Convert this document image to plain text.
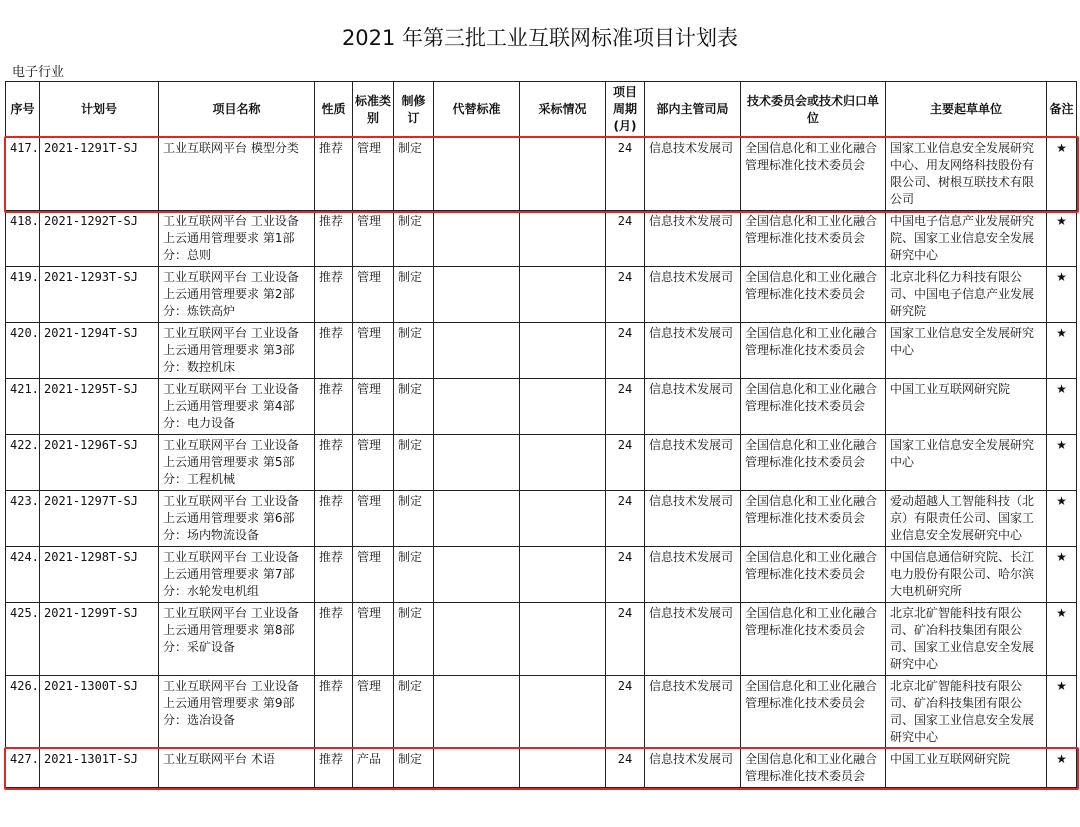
2021 年第三批工业互联网标准项目计划表
电子行业
序号	计划号	项目名称	性质	标准类别	制修订	代替标准	采标情况	项目周期(月)	部内主管司局	技术委员会或技术归口单位	主要起草单位	备注
417.	2021-1291T-SJ	工业互联网平台 模型分类	推荐	管理	制定			24	信息技术发展司	全国信息化和工业化融合管理标准化技术委员会	国家工业信息安全发展研究中心、用友网络科技股份有限公司、树根互联技术有限公司	★
418.	2021-1292T-SJ	工业互联网平台 工业设备上云通用管理要求 第1部分：总则	推荐	管理	制定			24	信息技术发展司	全国信息化和工业化融合管理标准化技术委员会	中国电子信息产业发展研究院、国家工业信息安全发展研究中心	★
419.	2021-1293T-SJ	工业互联网平台 工业设备上云通用管理要求 第2部分：炼铁高炉	推荐	管理	制定			24	信息技术发展司	全国信息化和工业化融合管理标准化技术委员会	北京北科亿力科技有限公司、中国电子信息产业发展研究院	★
420.	2021-1294T-SJ	工业互联网平台 工业设备上云通用管理要求 第3部分：数控机床	推荐	管理	制定			24	信息技术发展司	全国信息化和工业化融合管理标准化技术委员会	国家工业信息安全发展研究中心	★
421.	2021-1295T-SJ	工业互联网平台 工业设备上云通用管理要求 第4部分：电力设备	推荐	管理	制定			24	信息技术发展司	全国信息化和工业化融合管理标准化技术委员会	中国工业互联网研究院	★
422.	2021-1296T-SJ	工业互联网平台 工业设备上云通用管理要求 第5部分：工程机械	推荐	管理	制定			24	信息技术发展司	全国信息化和工业化融合管理标准化技术委员会	国家工业信息安全发展研究中心	★
423.	2021-1297T-SJ	工业互联网平台 工业设备上云通用管理要求 第6部分：场内物流设备	推荐	管理	制定			24	信息技术发展司	全国信息化和工业化融合管理标准化技术委员会	爱动超越人工智能科技（北京）有限责任公司、国家工业信息安全发展研究中心	★
424.	2021-1298T-SJ	工业互联网平台 工业设备上云通用管理要求 第7部分：水轮发电机组	推荐	管理	制定			24	信息技术发展司	全国信息化和工业化融合管理标准化技术委员会	中国信息通信研究院、长江电力股份有限公司、哈尔滨大电机研究所	★
425.	2021-1299T-SJ	工业互联网平台 工业设备上云通用管理要求 第8部分：采矿设备	推荐	管理	制定			24	信息技术发展司	全国信息化和工业化融合管理标准化技术委员会	北京北矿智能科技有限公司、矿冶科技集团有限公司、国家工业信息安全发展研究中心	★
426.	2021-1300T-SJ	工业互联网平台 工业设备上云通用管理要求 第9部分：选冶设备	推荐	管理	制定			24	信息技术发展司	全国信息化和工业化融合管理标准化技术委员会	北京北矿智能科技有限公司、矿冶科技集团有限公司、国家工业信息安全发展研究中心	★
427.	2021-1301T-SJ	工业互联网平台 术语	推荐	产品	制定			24	信息技术发展司	全国信息化和工业化融合管理标准化技术委员会	中国工业互联网研究院	★
